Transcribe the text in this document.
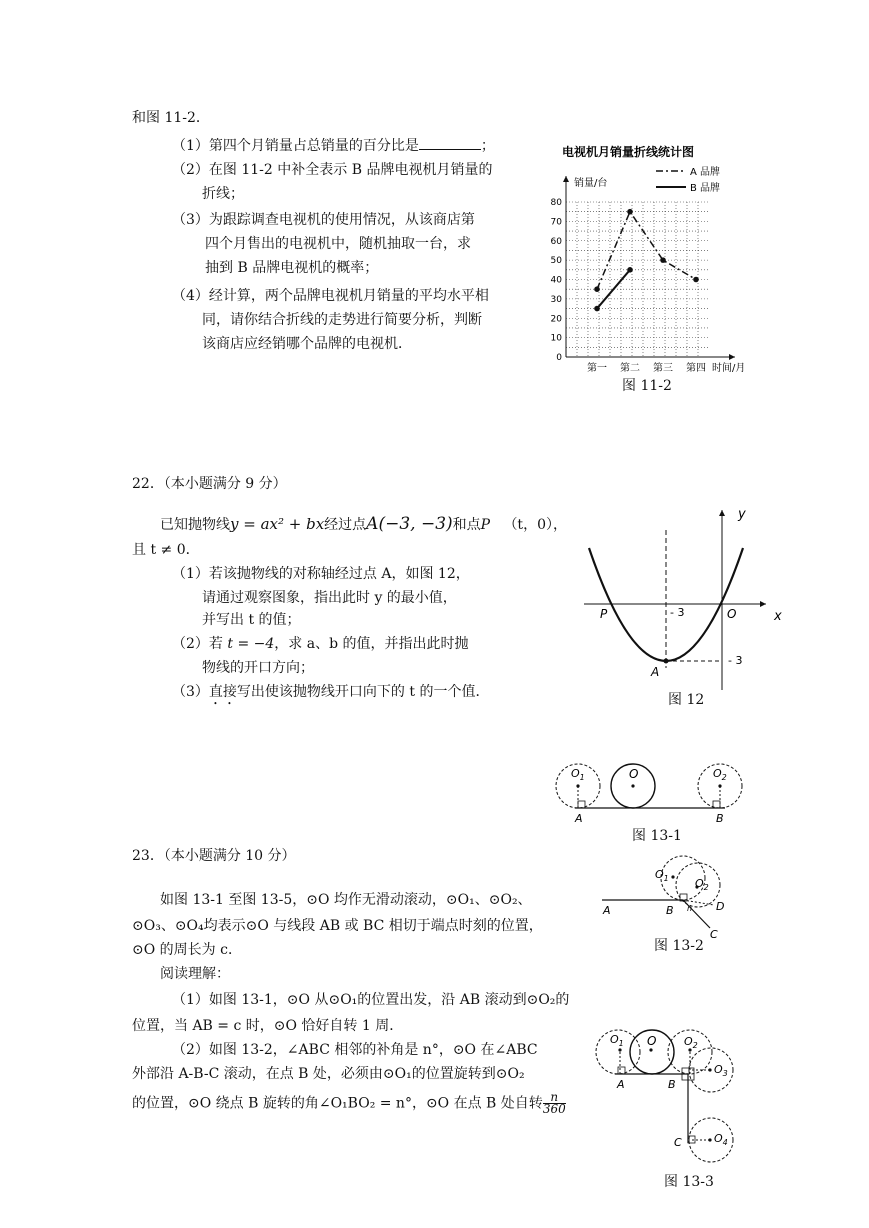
和图 11-2．
（1）第四个月销量占总销量的百分比是	；
（2）在图 11-2 中补全表示 B 品牌电视机月销量的
折线；
（3）为跟踪调查电视机的使用情况，从该商店第
四个月售出的电视机中，随机抽取一台，求
抽到 B 品牌电视机的概率；
（4）经计算，两个品牌电视机月销量的平均水平相
同，请你结合折线的走势进行简要分析，判断
该商店应经销哪个品牌的电视机．
电视机月销量折线统计图
销量/台
时间/月
A 品牌
B 品牌
0
10
20
30
40
50
60
70
80
第一 第二 第三 第四
图 11-2
22．（本小题满分 9 分）
已知抛物线y = ax² + bx经过点A(−3, −3)和点P （t，0），
且 t ≠ 0．
（1）若该抛物线的对称轴经过点 A，如图 12，
请通过观察图象，指出此时 y 的最小值，
并写出 t 的值；
（2）若 t = −4，求 a、b 的值，并指出此时抛
物线的开口方向；
（3）直接写出使该抛物线开口向下的 t 的一个值．
y
x
P	O
A
- 3
- 3
图 12
$O_1$	O	$O_2$
A	B
图 13-1
$O_1$ $O_2$
A	B n D
C
图 13-2
23．（本小题满分 10 分）
如图 13-1 至图 13-5，⊙O 均作无滑动滚动，⊙O₁、⊙O₂、
⊙O₃、⊙O₄均表示⊙O 与线段 AB 或 BC 相切于端点时刻的位置，
⊙O 的周长为 c．
阅读理解：
（1）如图 13-1，⊙O 从⊙O₁的位置出发，沿 AB 滚动到⊙O₂的
位置，当 AB = c 时，⊙O 恰好自转 1 周．
（2）如图 13-2，∠ABC 相邻的补角是 n°，⊙O 在∠ABC
外部沿 A-B-C 滚动，在点 B 处，必须由⊙O₁的位置旋转到⊙O₂
的位置，⊙O 绕点 B 旋转的角∠O₁BO₂ = n°，⊙O 在点 B 处自转 $\frac{n}{360}$
$O_1$ O	$O_2$
$O_3$
$O_4$
A	B
C
图 13-3
